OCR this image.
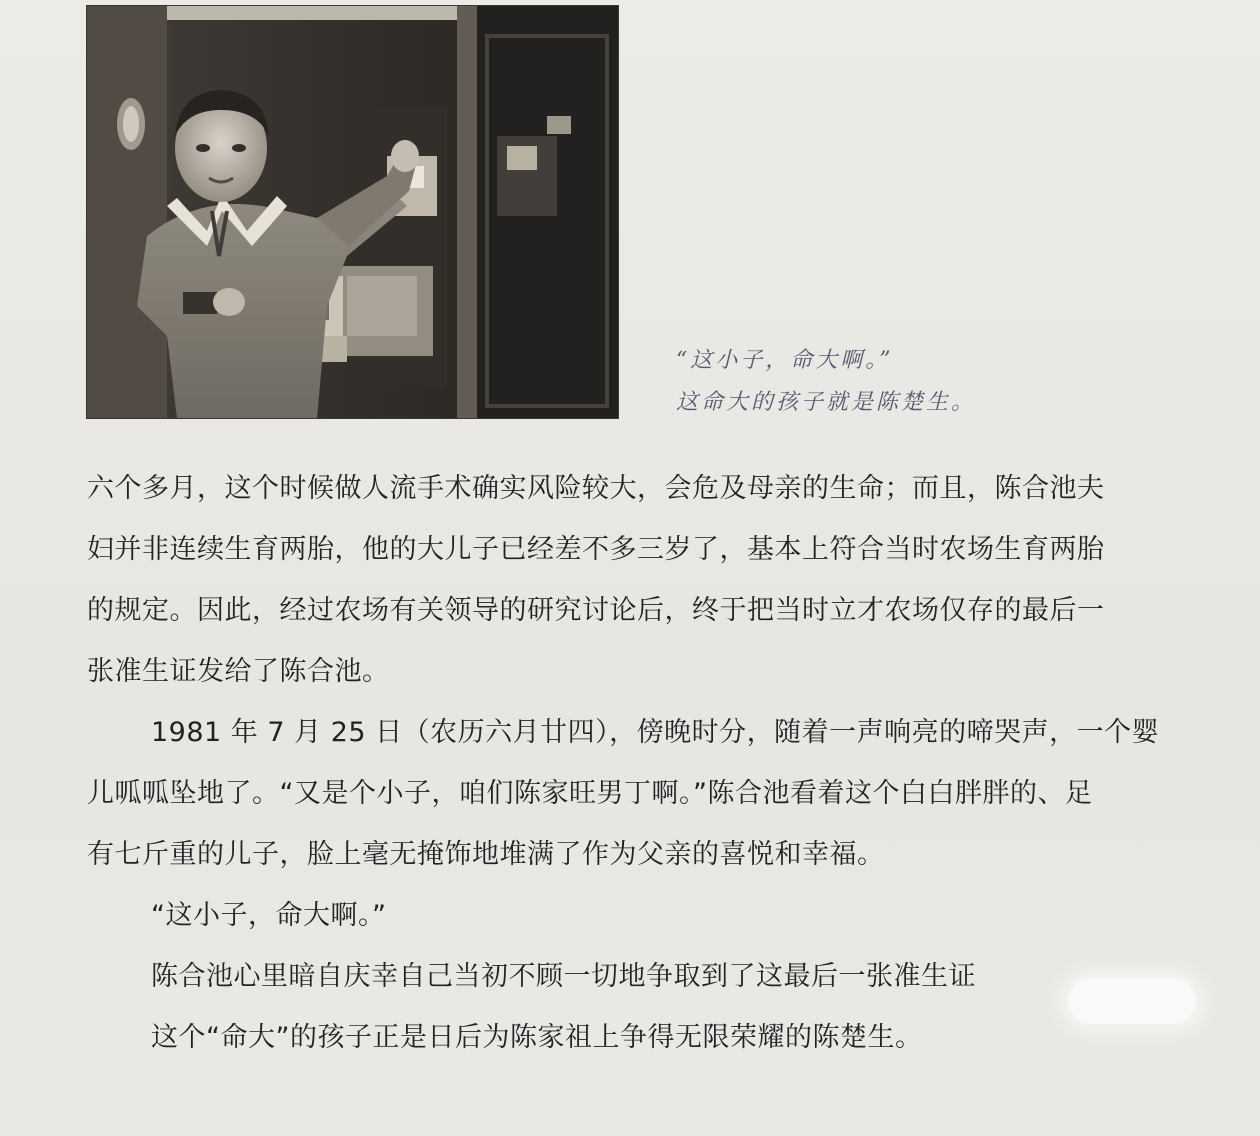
“这小子，命大啊。”
这命大的孩子就是陈楚生。
六个多月，这个时候做人流手术确实风险较大，会危及母亲的生命；而且，陈合池夫
妇并非连续生育两胎，他的大儿子已经差不多三岁了，基本上符合当时农场生育两胎
的规定。因此，经过农场有关领导的研究讨论后，终于把当时立才农场仅存的最后一
张准生证发给了陈合池。
1981 年 7 月 25 日（农历六月廿四），傍晚时分，随着一声响亮的啼哭声，一个婴
儿呱呱坠地了。“又是个小子，咱们陈家旺男丁啊。”陈合池看着这个白白胖胖的、足
有七斤重的儿子，脸上毫无掩饰地堆满了作为父亲的喜悦和幸福。
“这小子，命大啊。”
陈合池心里暗自庆幸自己当初不顾一切地争取到了这最后一张准生证
这个“命大”的孩子正是日后为陈家祖上争得无限荣耀的陈楚生。
